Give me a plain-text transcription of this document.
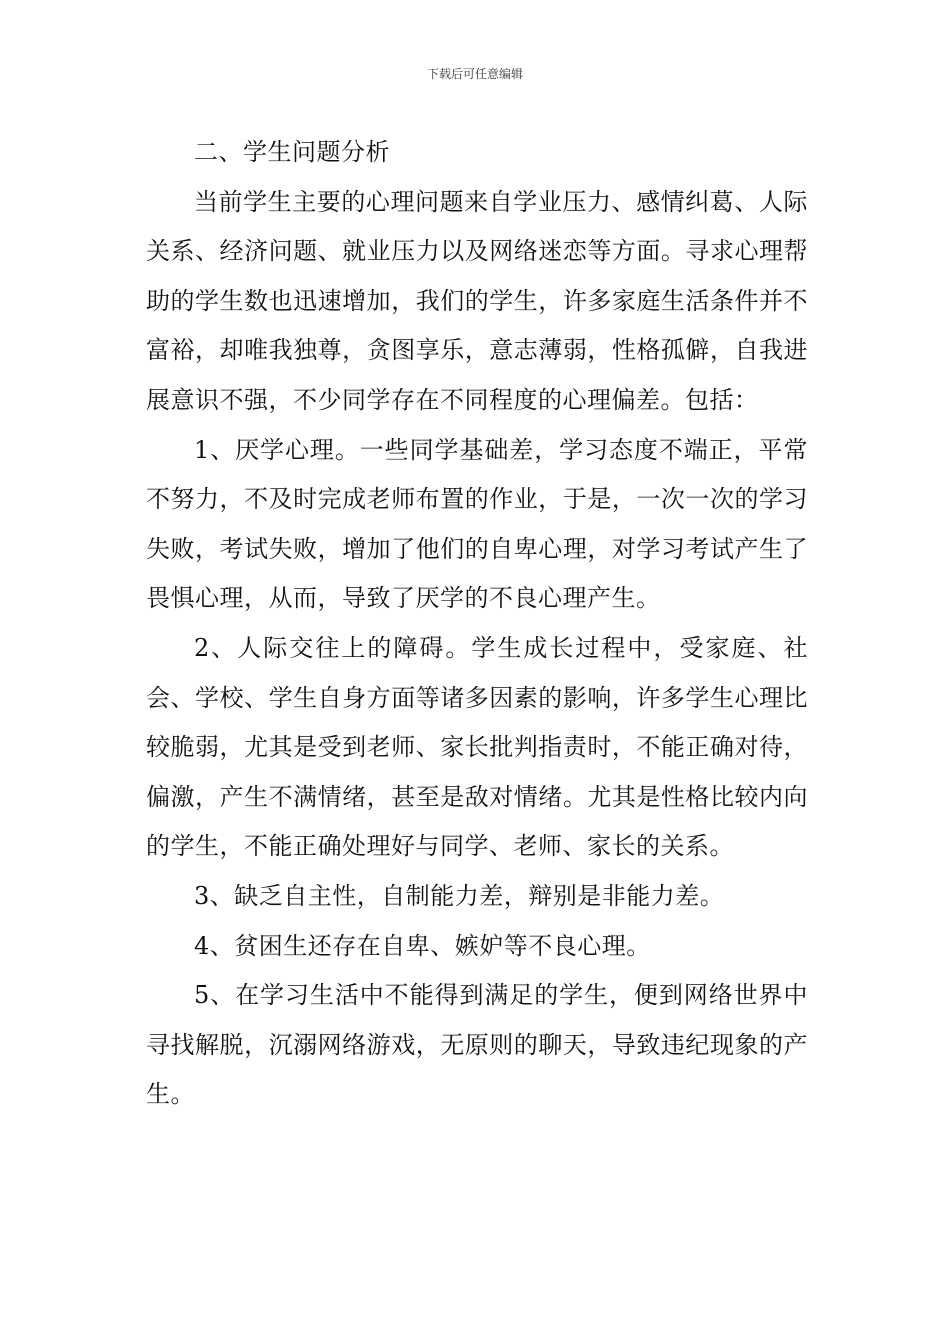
下载后可任意编辑

二、学生问题分析

当前学生主要的心理问题来自学业压力、感情纠葛、人际关系、经济问题、就业压力以及网络迷恋等方面。寻求心理帮助的学生数也迅速增加，我们的学生，许多家庭生活条件并不富裕，却唯我独尊，贪图享乐，意志薄弱，性格孤僻，自我进展意识不强，不少同学存在不同程度的心理偏差。包括：

1、厌学心理。一些同学基础差，学习态度不端正，平常不努力，不及时完成老师布置的作业，于是，一次一次的学习失败，考试失败，增加了他们的自卑心理，对学习考试产生了畏惧心理，从而，导致了厌学的不良心理产生。

2、人际交往上的障碍。学生成长过程中，受家庭、社会、学校、学生自身方面等诸多因素的影响，许多学生心理比较脆弱，尤其是受到老师、家长批判指责时，不能正确对待，偏激，产生不满情绪，甚至是敌对情绪。尤其是性格比较内向的学生，不能正确处理好与同学、老师、家长的关系。

3、缺乏自主性，自制能力差，辩别是非能力差。

4、贫困生还存在自卑、嫉妒等不良心理。

5、在学习生活中不能得到满足的学生，便到网络世界中寻找解脱，沉溺网络游戏，无原则的聊天，导致违纪现象的产生。
